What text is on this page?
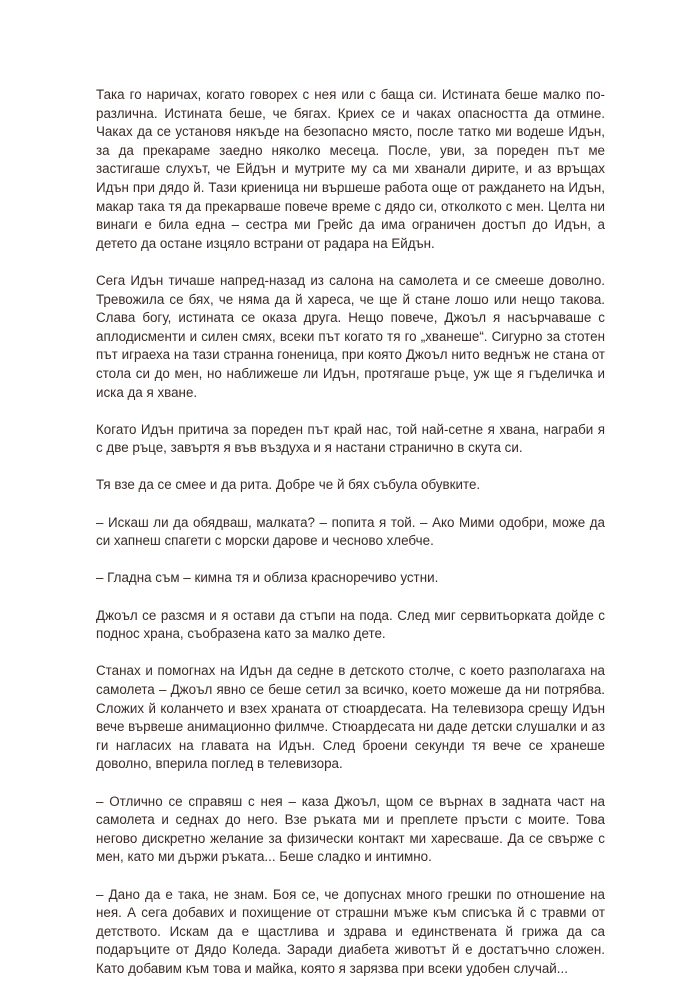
Така го наричах, когато говорех с нея или с баща си. Истината беше малко по-различна. Истината беше, че бягах. Криех се и чаках опасността да отмине. Чаках да се установя някъде на безопасно място, после татко ми водеше Идън, за да прекараме заедно няколко месеца. После, уви, за пореден път ме застигаше слухът, че Ейдън и мутрите му са ми хванали дирите, и аз връщах Идън при дядо й. Тази криеница ни вършеше работа още от раждането на Идън, макар така тя да прекарваше повече време с дядо си, отколкото с мен. Целта ни винаги е била една – сестра ми Грейс да има ограничен достъп до Идън, а детето да остане изцяло встрани от радара на Ейдън.

Сега Идън тичаше напред-назад из салона на самолета и се смееше доволно. Тревожила се бях, че няма да й хареса, че ще й стане лошо или нещо такова. Слава богу, истината се оказа друга. Нещо повече, Джоъл я насърчаваше с аплодисменти и силен смях, всеки път когато тя го „хванеше“. Сигурно за стотен път играеха на тази странна гоненица, при която Джоъл нито веднъж не стана от стола си до мен, но наближеше ли Идън, протягаше ръце, уж ще я гъделичка и иска да я хване.

Когато Идън притича за пореден път край нас, той най-сетне я хвана, награби я с две ръце, завъртя я във въздуха и я настани странично в скута си.

Тя взе да се смее и да рита. Добре че й бях събула обувките.

– Искаш ли да обядваш, малката? – попита я той. – Ако Мими одобри, може да си хапнеш спагети с морски дарове и чесново хлебче.

– Гладна съм – кимна тя и облиза красноречиво устни.

Джоъл се разсмя и я остави да стъпи на пода. След миг сервитьорката дойде с поднос храна, съобразена като за малко дете.

Станах и помогнах на Идън да седне в детското столче, с което разполагаха на самолета – Джоъл явно се беше сетил за всичко, което можеше да ни потрябва. Сложих й коланчето и взех храната от стюардесата. На телевизора срещу Идън вече вървеше анимационно филмче. Стюардесата ни даде детски слушалки и аз ги нагласих на главата на Идън. След броени секунди тя вече се хранеше доволно, вперила поглед в телевизора.

– Отлично се справяш с нея – каза Джоъл, щом се върнах в задната част на самолета и седнах до него. Взе ръката ми и преплете пръсти с моите. Това негово дискретно желание за физически контакт ми харесваше. Да се свърже с мен, като ми държи ръката... Беше сладко и интимно.

– Дано да е така, не знам. Боя се, че допуснах много грешки по отношение на нея. А сега добавих и похищение от страшни мъже към списъка й с травми от детството. Искам да е щастлива и здрава и единствената й грижа да са подаръците от Дядо Коледа. Заради диабета животът й е достатъчно сложен. Като добавим към това и майка, която я зарязва при всеки удобен случай...
